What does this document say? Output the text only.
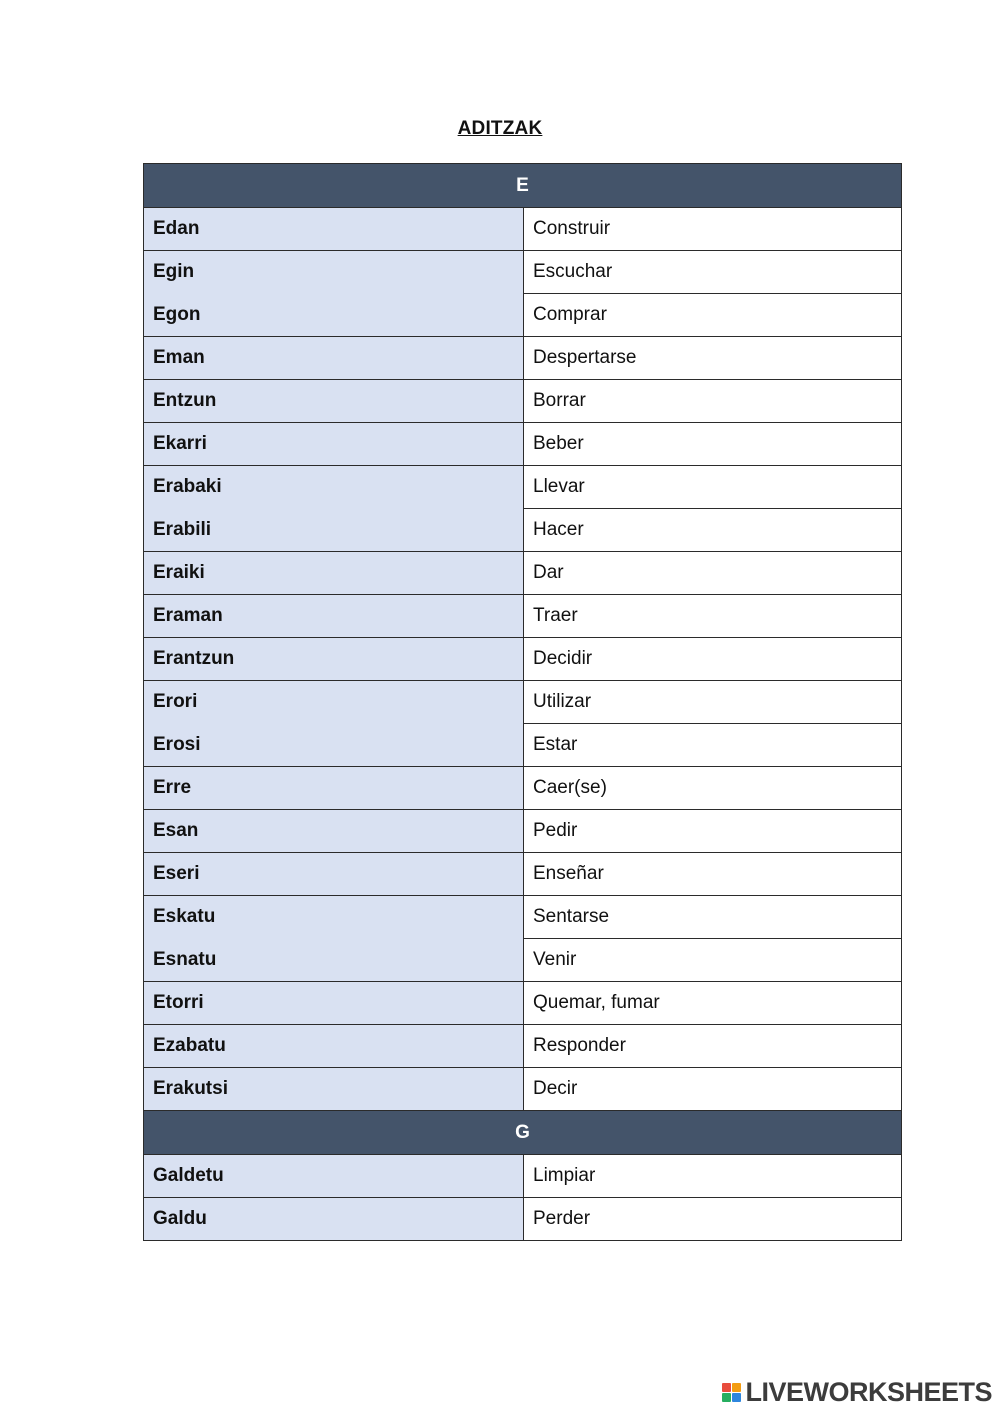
ADITZAK
E	
Edan	Construir
Egin	Escuchar
Egon	Comprar
Eman	Despertarse
Entzun	Borrar
Ekarri	Beber
Erabaki	Llevar
Erabili	Hacer
Eraiki	Dar
Eraman	Traer
Erantzun	Decidir
Erori	Utilizar
Erosi	Estar
Erre	Caer(se)
Esan	Pedir
Eseri	Enseñar
Eskatu	Sentarse
Esnatu	Venir
Etorri	Quemar, fumar
Ezabatu	Responder
Erakutsi	Decir
G	
Galdetu	Limpiar
Galdu	Perder
LIVEWORKSHEETS
